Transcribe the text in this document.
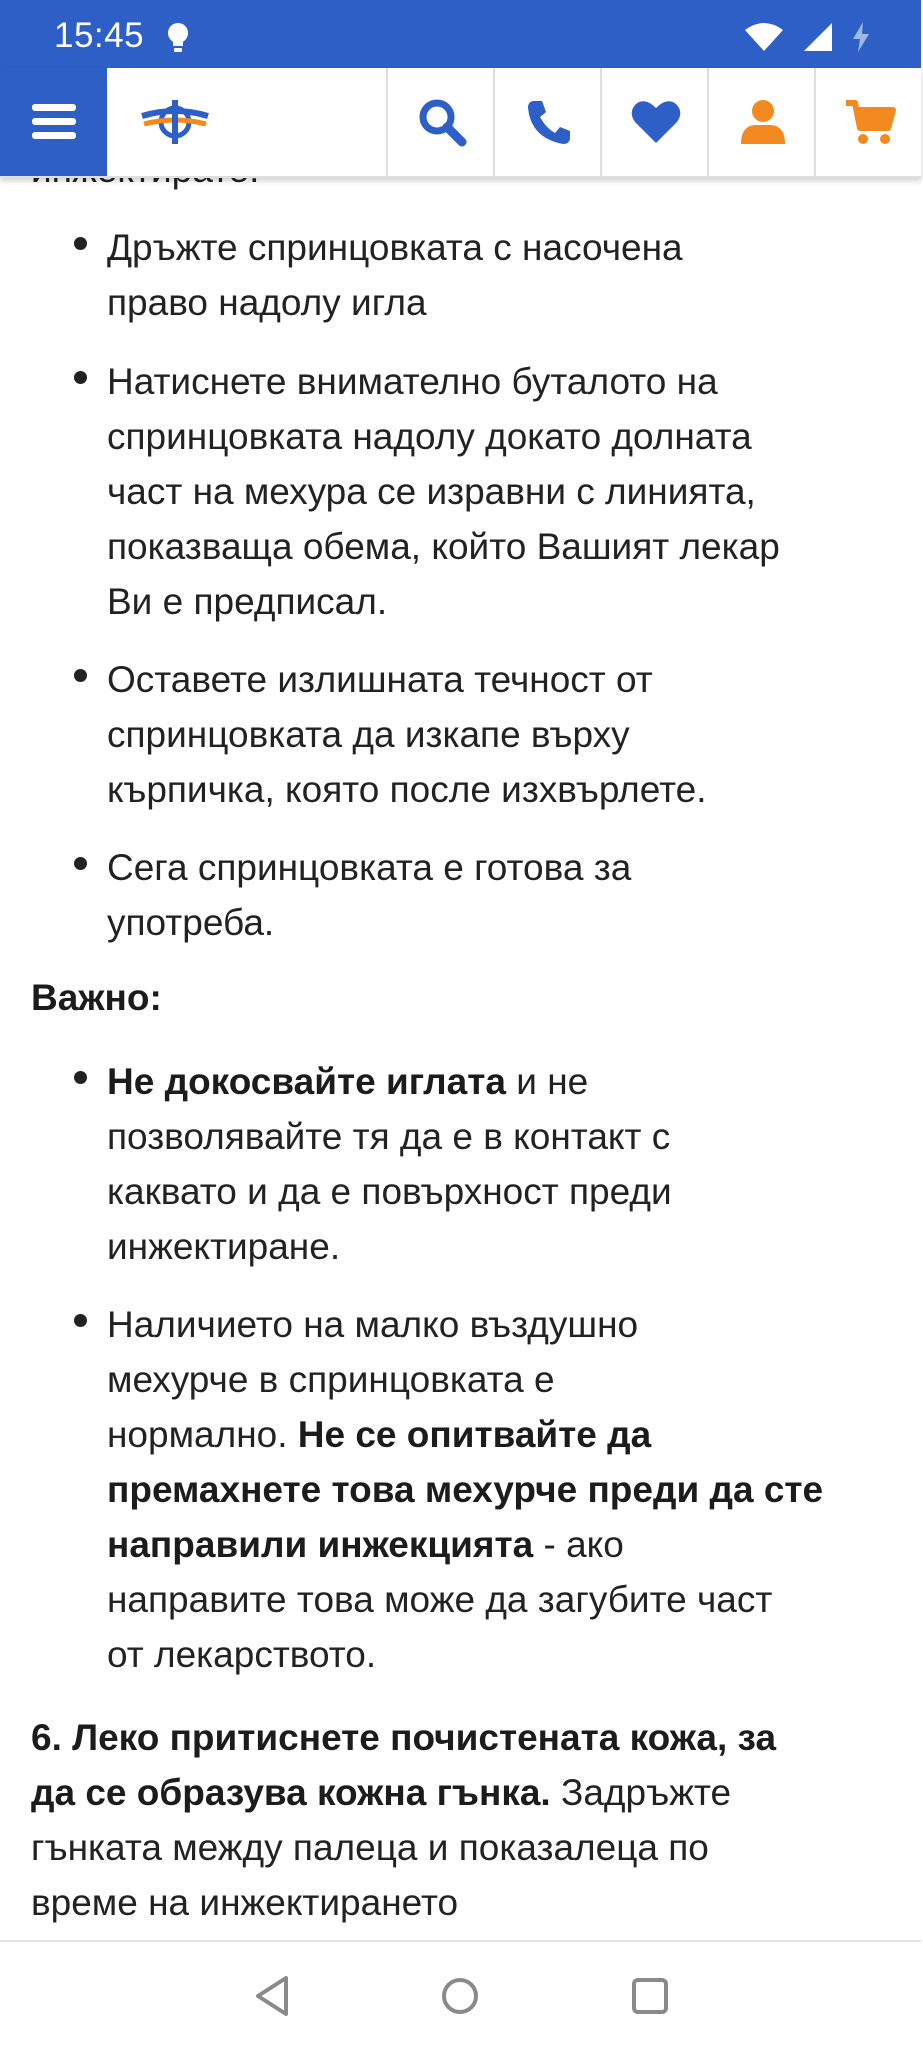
15:45

Дръжте спринцовката с насочена
право надолу игла
Натиснете внимателно буталото на
спринцовката надолу докато долната
част на мехура се изравни с линията,
показваща обема, който Вашият лекар
Ви е предписал.
Оставете излишната течност от
спринцовката да изкапе върху
кърпичка, която после изхвърлете.
Сега спринцовката е готова за
употреба.
Важно:
Не докосвайте иглата и не
позволявайте тя да е в контакт с
каквато и да е повърхност преди
инжектиране.
Наличието на малко въздушно
мехурче в спринцовката е
нормално. Не се опитвайте да
премахнете това мехурче преди да сте
направили инжекцията - ако
направите това може да загубите част
от лекарството.
6. Леко притиснете почистената кожа, за
да се образува кожна гънка. Задръжте
гънката между палеца и показалеца по
време на инжектирането
